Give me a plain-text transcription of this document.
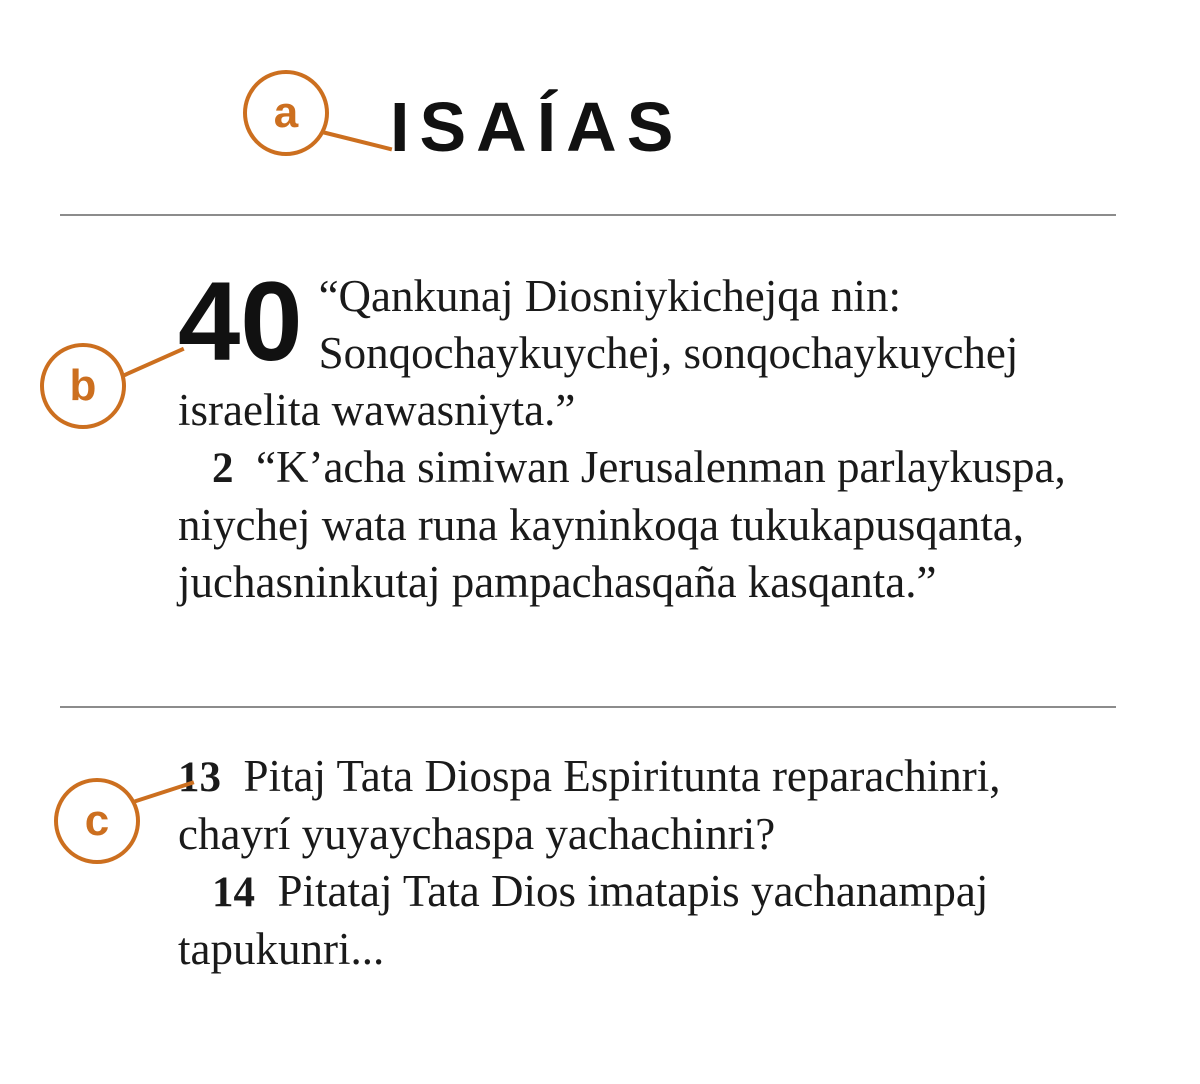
a ISAÍAS
b
40 “Qankunaj Diosniykichejqa nin: Sonqochaykuychej, sonqochaykuychej israelita wawasniyta.”

2 “K’acha simiwan Jerusalenman parlaykuspa, niychej wata runa kayninkoqa tukukapusqanta, juchasninkutaj pampachasqaña kasqanta.”

c

13 Pitaj Tata Diospa Espiritunta reparachinri, chayrí yuyaychaspa yachachinri?

14 Pitataj Tata Dios imatapis yachanampaj tapukunri...
